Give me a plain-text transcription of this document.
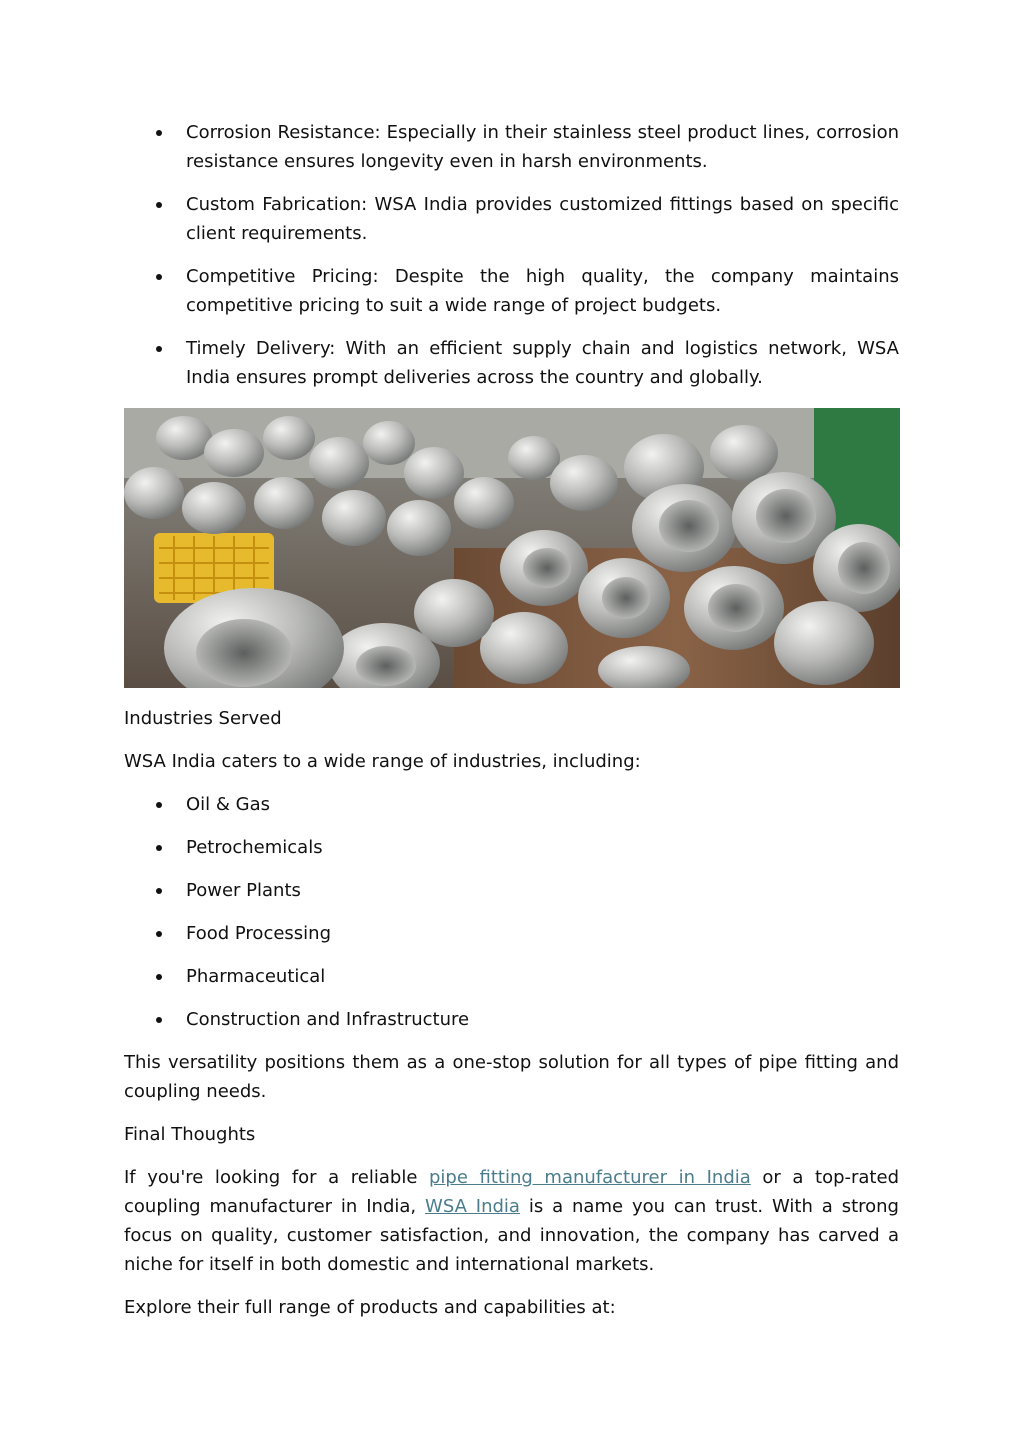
Corrosion Resistance: Especially in their stainless steel product lines, corrosion resistance ensures longevity even in harsh environments.
Custom Fabrication: WSA India provides customized fittings based on specific client requirements.
Competitive Pricing: Despite the high quality, the company maintains competitive pricing to suit a wide range of project budgets.
Timely Delivery: With an efficient supply chain and logistics network, WSA India ensures prompt deliveries across the country and globally.

Industries Served

WSA India caters to a wide range of industries, including:

Oil & Gas
Petrochemicals
Power Plants
Food Processing
Pharmaceutical
Construction and Infrastructure

This versatility positions them as a one-stop solution for all types of pipe fitting and coupling needs.

Final Thoughts

If you're looking for a reliable pipe fitting manufacturer in India or a top-rated coupling manufacturer in India, WSA India is a name you can trust. With a strong focus on quality, customer satisfaction, and innovation, the company has carved a niche for itself in both domestic and international markets.

Explore their full range of products and capabilities at:
